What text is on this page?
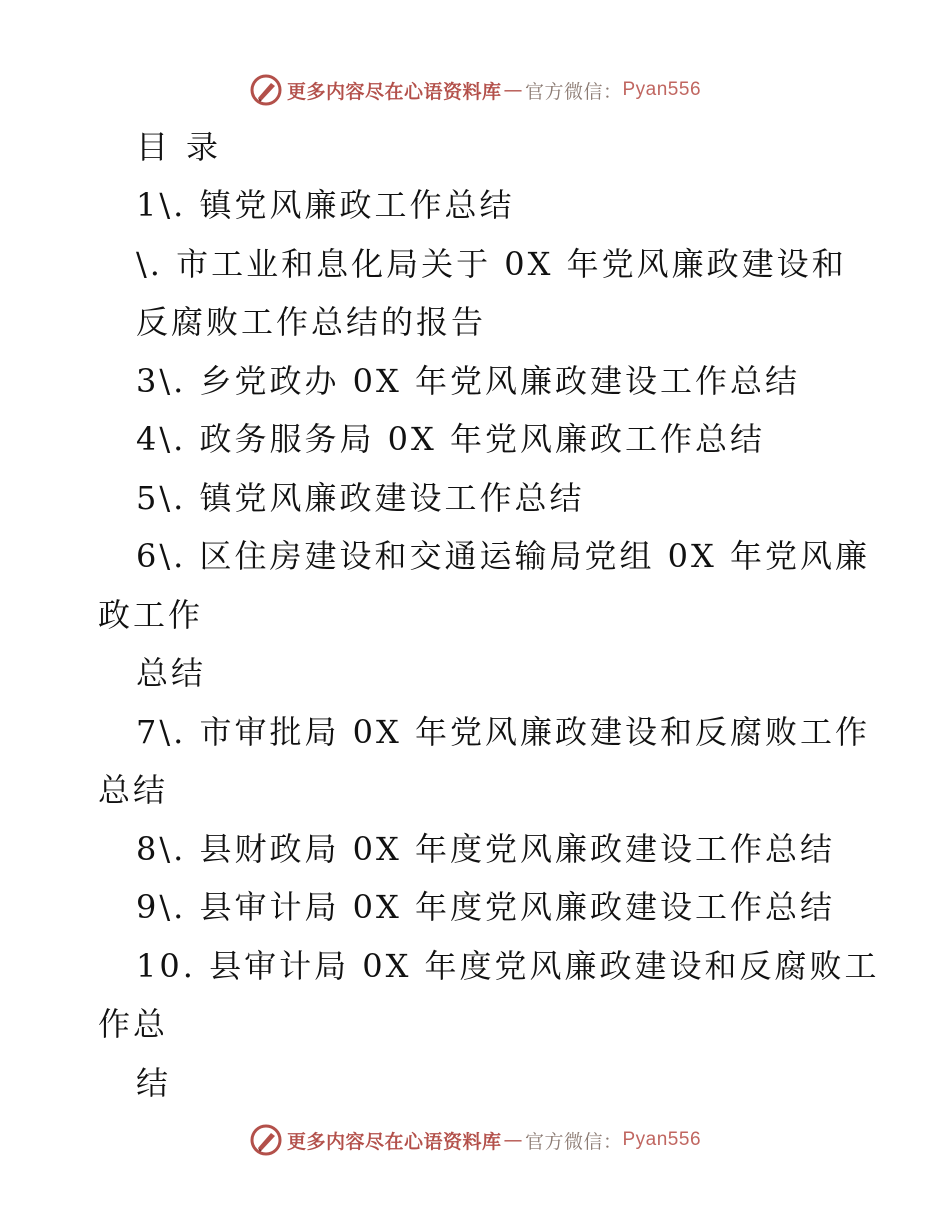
更多内容尽在心语资料库 — 官方微信： Pyan556
目录
1\. 镇党风廉政工作总结
\. 市工业和息化局关于 0X 年党风廉政建设和
反腐败工作总结的报告
3\. 乡党政办 0X 年党风廉政建设工作总结
4\. 政务服务局 0X 年党风廉政工作总结
5\. 镇党风廉政建设工作总结
6\. 区住房建设和交通运输局党组 0X 年党风廉
政工作
总结
7\. 市审批局 0X 年党风廉政建设和反腐败工作
总结
8\. 县财政局 0X 年度党风廉政建设工作总结
9\. 县审计局 0X 年度党风廉政建设工作总结
10. 县审计局 0X 年度党风廉政建设和反腐败工
作总
结
更多内容尽在心语资料库 — 官方微信： Pyan556
